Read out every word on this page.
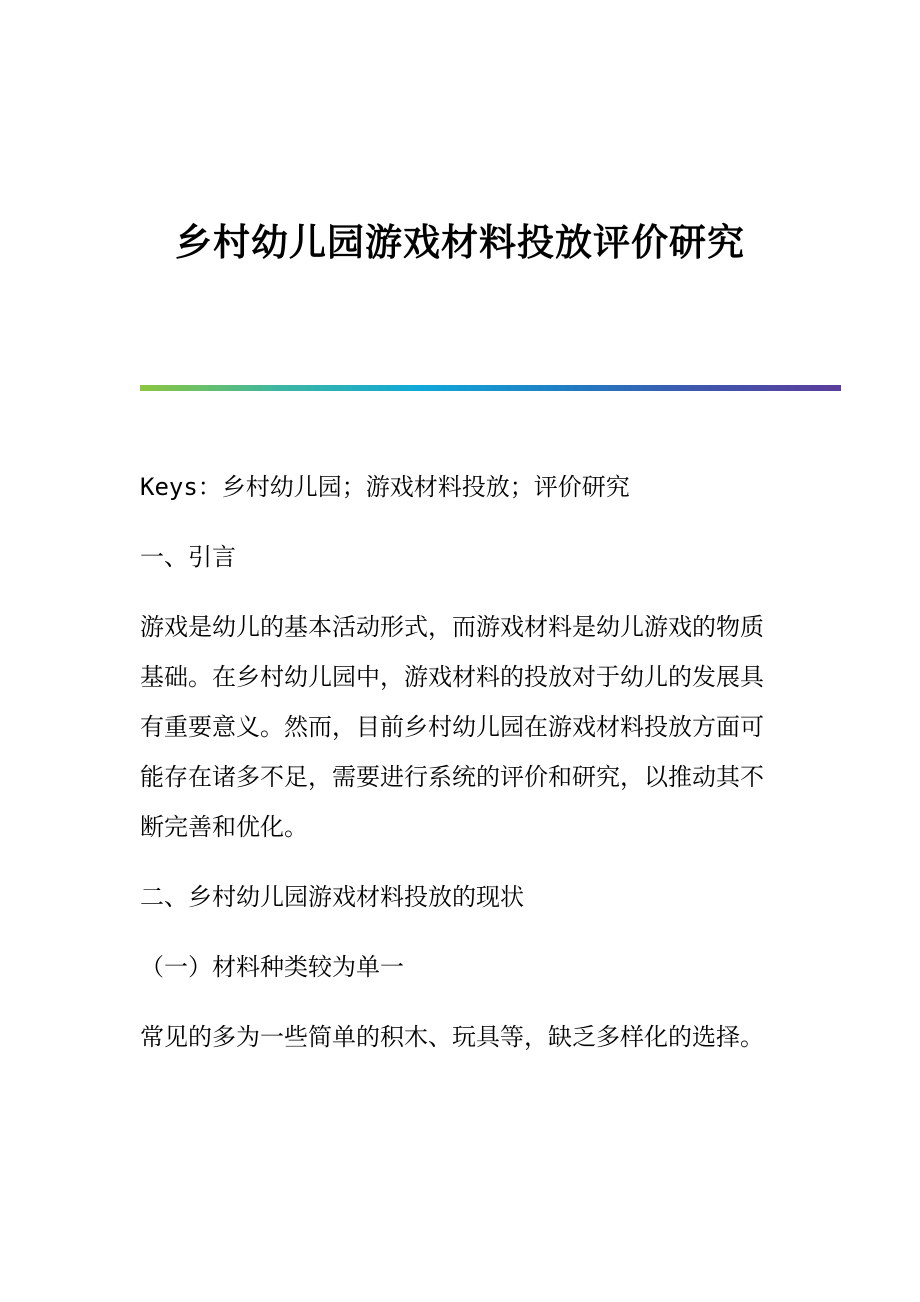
乡村幼儿园游戏材料投放评价研究

Keys：乡村幼儿园；游戏材料投放；评价研究

一、引言

游戏是幼儿的基本活动形式，而游戏材料是幼儿游戏的物质基础。在乡村幼儿园中，游戏材料的投放对于幼儿的发展具有重要意义。然而，目前乡村幼儿园在游戏材料投放方面可能存在诸多不足，需要进行系统的评价和研究，以推动其不断完善和优化。

二、乡村幼儿园游戏材料投放的现状

（一）材料种类较为单一

常见的多为一些简单的积木、玩具等，缺乏多样化的选择。
